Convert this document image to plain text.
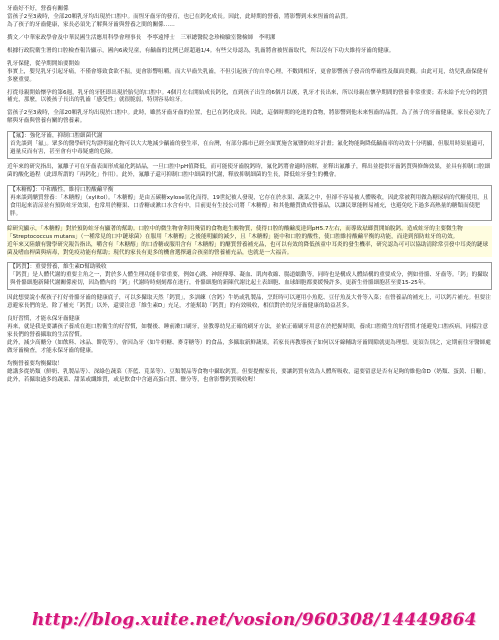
牙齒好不好，營養有關係

當孩子2至3歲時，全部20顆乳牙均出現於口腔中。而恆牙齒牙的發育，也已在鈣化成長。因此，此時期的營養，將影響到未來恆齒的品質。

為了孩子的牙齒健康，家長必須先了解與牙齒與營養之間的關係……

撰文／中華家政學會及中華民國生活應用科學會理事長　李寧遠博士　三軍總醫院念珍檢驗室醫檢師　李明潔

根據行政院衛生署的口腔檢查報告顯示，國內6歲兒童，有齲齒的比例已經超過1/4。有些父母認為，乳齒將會被恆齒取代，所以沒有下功夫維持牙齒的健康。

乳牙保健，從孕期開始要開始

事實上，嬰兒乳牙引起牙痛，不僅會導致食欲不振，更會影響咀嚼。而大早齒失乳齒，不但引起孩子的自卑心理，不數間相牙，更會影響孩子發音的準確性及顏面美觀。由此可見，幼兒乳齒保健有多麼重要。

打從母親開始懷孕的第6週，乳牙的牙胚即出現於胎兒的口腔中。4個月左右開始成長鈣化，直到孩子出生的6個月以後，乳牙才長出來，所以母親在懷孕期間的營養非常重要；若未給予充分的鈣質補充，那麼，以後孩子長出的乳齒「感受性」就很脆弱，特別容易蛀牙。

當孩子2至3歲時，全部20顆乳牙均出現於口腔中。此時，雖然牙齒牙齒的位置，也已在鈣化成長。因此，這個時期的吃進的食物，將影響到他未來恆齒的品質。為了孩子的牙齒健康，家長必須先了解與牙齒與營養有關的營養素。

【氟】：強化牙齒，抑制口腔細菌代謝

首先談到「氟」。眾多的醫學研究均證明氟化物可以大大地減少齲齒的發生率，在台灣，有部分縣市已經全面實施含氟鹽防蛀牙計畫；氟化物能夠降低齲齒率的功效十分明顯，但服用時須量適可，過量反而有害，甚至會有中毒疑慮的危險。

近年來的研究指出，氟離子可在牙齒表面形成氟化鈣結晶，一旦口腔中pH值降低，而可能使牙齒脫鈣時，氟化鈣將會適時溶解，並釋出氟離子，釋出並提供牙齒鈣質與修飾效果，並具有抑制口腔細菌的酸化過程（此即所謂的「再鈣化」作用）。此外，氟離子還可抑制口腔中細菌的代謝，釋放抑制細菌的生長，降低蛀牙發生的機會。

【木糖醇】：中和酸性，維持口腔酸鹼平衡

再來談到醣質營養：「木糖醇」（xylitol）。「木糖醇」是由五碳糖xylose氫化而得，19世紀被人發現，它存在於水果、蔬菜之中，但卻不容易被人體吸收，因此常被利用做為糖尿病的代糖使用，且食用起來清涼並有預防蛀牙效果，也常用於糖果、口香糖或漱口水含有中，目前更有生技公司將「木糖醇」和其他醣質做成營養品，以讓民眾能輕易補充，也避免吃下過多高熱量的糖類而使肥胖。

綜研究顯示，「木糖醇」對於預防蛀牙有顯著的幫助。口腔中的微生物會利用殘留的食物進生酸物質，使得口腔的酸鹼度達到pH5.7左右，而導致琺瑯質開始脫鈣。造成蛀牙的主要微生物「Streptococcus mutans」（一種常見的口中鏈球菌）在服用「木糖醇」之後能明顯的減少，且「木糖醇」能中和口腔的酸性，使口腔維持酸鹼平衡的功能，而達到預防蛀牙的功效。

近年來又陸續有醫學研究報告指出，嚼含有「木糖醇」的口香糖或服用含有「木糖醇」的醣質營養補充品，也可以有效的降低孩童中耳炎的發生機率，研究認為可可以協助清除常引發中耳炎的鏈球菌及嗜血桿菌與病毒，對免疫功能有幫助；現代的家長有更多的機會選擇適合孩童的營養補充品，也就是一大福音。

【鈣質】：重要營養，維生素D幫助吸收

「鈣質」是人體代謝的重要主角之一，對於多人體生理功能非常重要，例如心跳、神經傳導、凝血、肌肉收縮、腸道蠕動等，同時也是構成人體結構的重要成分，例如骨骼、牙齒等。「鈣」的攝取與骨骼細胞新陳代謝關係密切，因為體內的「鈣」代謝時時刻刻都在進行，骨骼細胞的新陳代謝比起土表細胞、血球細胞都要緩慢許多，更新生骨骼細胞甚至要15-25年。

因此想要說小幫孩子打好骨骼牙齒的健康底子，可以多攝取天然「鈣質」，多訓練（含鈣）牛奶或乳製品，烹飪時可以運用小魚乾、豆仔魚及大骨等入菜；在營養品的補充上，可以鈣片補充。但要注意避家長們的是，除了補充「鈣質」以外，還要注意「維生素D」充足，才能幫助「鈣質」的有效吸收，相信對於幼兒牙齒健康的助益甚多。

良好習慣，才能永保牙齒健康

再來，就是我是要讓孩子養成在進口腔衛生的好習慣，如餐後、睡前漱口刷牙，並教導幼兒正確的刷牙方法，並依正確刷牙用意在於把握時間，養成口腔衛生的好習慣才能避免口腔疾病，同樣注意家長們的營養攝取的生活習慣。

此外，減少高醣分（如飲料、冰品、餅乾等），會因為牙（如牛奶糖、麥芽糖等）的食品，多攝取新鮮蔬果，若家長再教導孩子如何以牙線輔助牙齒間隙就更為理想。更須告別之，定期前往牙醫師處做牙齒檢查，才能永保牙齒的健康。

均衡營養要均衡攝取！

總講多從奶類（鮮奶、乳製品等）、深綠色蔬菜（芥藍、莧菜等）、豆類製品等食物中攝取鈣質。但要提醒家長，要讓鈣質有效為人體所吸收，還要留意是否有足夠的維他命D（奶類、蛋黃、日曬），此外，若攝取過多的蔬菜、甜菜或纖維質，或是飲食中含過高蛋白質、鹽分等，也會影響鈣質吸收喔！

http://blog.xuite.net/vosion/960308/14449864
